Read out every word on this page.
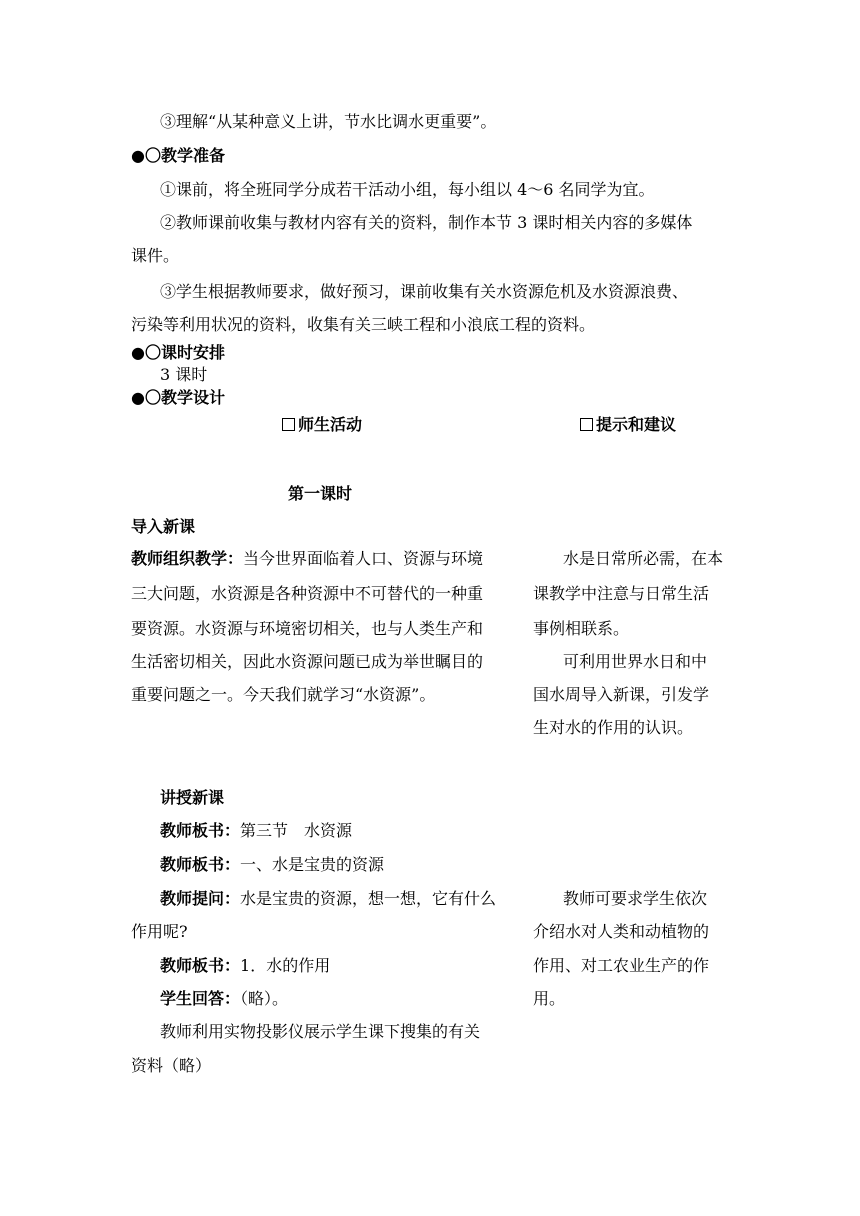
③理解“从某种意义上讲，节水比调水更重要”。
●〇教学准备
①课前，将全班同学分成若干活动小组，每小组以 4～6 名同学为宜。
②教师课前收集与教材内容有关的资料，制作本节 3 课时相关内容的多媒体
课件。
③学生根据教师要求，做好预习，课前收集有关水资源危机及水资源浪费、
污染等利用状况的资料，收集有关三峡工程和小浪底工程的资料。
●〇课时安排
3 课时
●〇教学设计
师生活动	提示和建议
第一课时
导入新课
教师组织教学：当今世界面临着人口、资源与环境
三大问题，水资源是各种资源中不可替代的一种重
要资源。水资源与环境密切相关，也与人类生产和
生活密切相关，因此水资源问题已成为举世瞩目的
重要问题之一。今天我们就学习“水资源”。
水是日常所必需，在本
课教学中注意与日常生活
事例相联系。
可利用世界水日和中
国水周导入新课，引发学
生对水的作用的认识。
讲授新课
教师板书：第三节　水资源
教师板书：一、水是宝贵的资源
教师提问：水是宝贵的资源，想一想，它有什么
作用呢?
教师板书：1．水的作用
学生回答：（略）。
教师利用实物投影仪展示学生课下搜集的有关
资料（略）
教师可要求学生依次
介绍水对人类和动植物的
作用、对工农业生产的作
用。
